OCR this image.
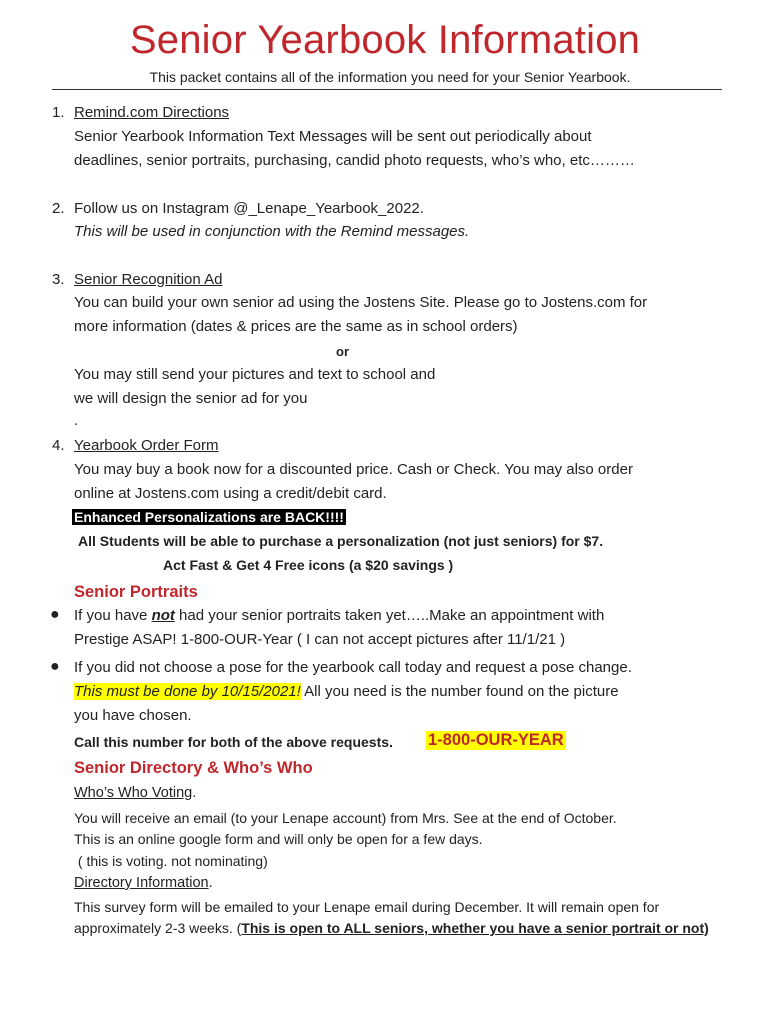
Senior Yearbook Information
This packet contains all of the information you need for your Senior Yearbook.
1. Remind.com Directions
Senior Yearbook Information Text Messages will be sent out periodically about
deadlines, senior portraits, purchasing, candid photo requests, who’s who, etc………
2. Follow us on Instagram @_Lenape_Yearbook_2022.
This will be used in conjunction with the Remind messages.
3. Senior Recognition Ad
You can build your own senior ad using the Jostens Site. Please go to Jostens.com for
more information (dates & prices are the same as in school orders)
or
You may still send your pictures and text to school and
we will design the senior ad for you
.
4. Yearbook Order Form
You may buy a book now for a discounted price. Cash or Check. You may also order
online at Jostens.com using a credit/debit card.
Enhanced Personalizations are BACK!!!!
All Students will be able to purchase a personalization (not just seniors) for $7.
Act Fast & Get 4 Free icons (a $20 savings )
Senior Portraits
● If you have not had your senior portraits taken yet…..Make an appointment with
Prestige ASAP! 1-800-OUR-Year ( I can not accept pictures after 11/1/21 )
● If you did not choose a pose for the yearbook call today and request a pose change.
This must be done by 10/15/2021! All you need is the number found on the picture
you have chosen.
Call this number for both of the above requests. 1-800-OUR-YEAR
Senior Directory & Who’s Who
Who’s Who Voting.
You will receive an email (to your Lenape account) from Mrs. See at the end of October.
This is an online google form and will only be open for a few days.
( this is voting. not nominating)
Directory Information.
This survey form will be emailed to your Lenape email during December. It will remain open for
approximately 2-3 weeks. (This is open to ALL seniors, whether you have a senior portrait or not)
